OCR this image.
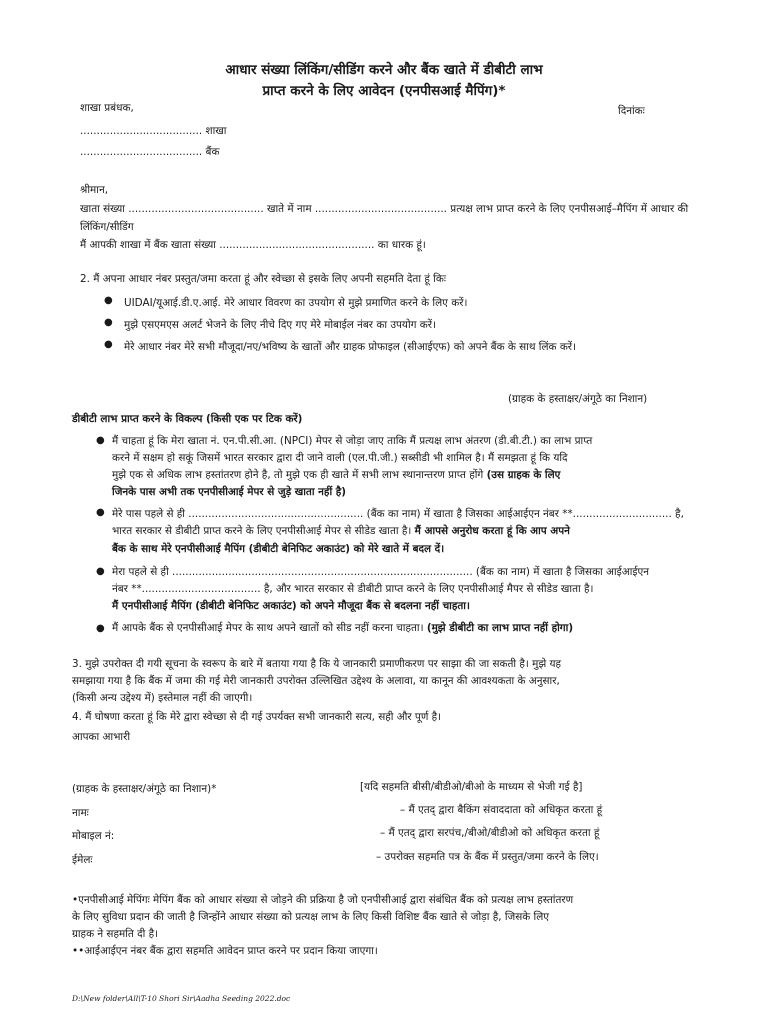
आधार संख्या लिंकिंग/सीडिंग करने और बैंक खाते में डीबीटी लाभ
प्राप्त करने के लिए आवेदन (एनपीसआई मैपिंग)*
शाखा प्रबंधक,	दिनांकः
..................................... शाखा
..................................... बैंक
श्रीमान,
खाता संख्या ......................................... खाते में नाम ........................................ प्रत्यक्ष लाभ प्राप्त करने के लिए एनपीसआई–मैपिंग में आधार की
लिंकिंग/सीडिंग
मैं आपकी शाखा में बैंक खाता संख्या ............................................... का धारक हूं।
2. मैं अपना आधार नंबर प्रस्तुत/जमा करता हूं और स्वेच्छा से इसके लिए अपनी सहमति देता हूं किः
● UIDAI/यूआई.डी.ए.आई. मेरे आधार विवरण का उपयोग से मुझे प्रमाणित करने के लिए करें।
● मुझे एसएमएस अलर्ट भेजने के लिए नीचे दिए गए मेरे मोबाईल नंबर का उपयोग करें।
● मेरे आधार नंबर मेरे सभी मौजूदा/नए/भविष्य के खातों और ग्राहक प्रोफाइल (सीआईएफ) को अपने बैंक के साथ लिंक करें।
(ग्राहक के हस्ताक्षर/अंगूठे का निशान)
डीबीटी लाभ प्राप्त करने के विकल्प (किसी एक पर टिक करें)
● मैं चाहता हूं कि मेरा खाता नं. एन.पी.सी.आ. (NPCI) मेपर से जोड़ा जाए ताकि मैं प्रत्यक्ष लाभ अंतरण (डी.बी.टी.) का लाभ प्राप्त
करने में सक्षम हो सकूं जिसमें भारत सरकार द्वारा दी जाने वाली (एल.पी.जी.) सब्सीडी भी शामिल है। मैं समझता हूं कि यदि
मुझे एक से अधिक लाभ हस्तांतरण होने है, तो मुझे एक ही खाते में सभी लाभ स्थानान्तरण प्राप्त होंगे (उस ग्राहक के लिए
जिनके पास अभी तक एनपीसीआई मेपर से जुड़े खाता नहीं है)
● मेरे पास पहले से ही ..................................................... (बैंक का नाम) में खाता है जिसका आईआईएन नंबर **.............................. है,
भारत सरकार से डीबीटी प्राप्त करने के लिए एनपीसीआई मेपर से सीडेड खाता है। मैं आपसे अनुरोध करता हूं कि आप अपने
बैंक के साथ मेरे एनपीसीआई मैपिंग (डीबीटी बेनिफिट अकाउंट) को मेरे खाते में बदल दें।
● मेरा पहले से ही ........................................................................................... (बैंक का नाम) में खाता है जिसका आईआईएन
नंबर **.................................... है, और भारत सरकार से डीबीटी प्राप्त करने के लिए एनपीसीआई मैपर से सीडेड खाता है।
मैं एनपीसीआई मैपिंग (डीबीटी बेनिफिट अकाउंट) को अपने मौजूदा बैंक से बदलना नहीं चाहता।
● मैं आपके बैंक से एनपीसीआई मेपर के साथ अपने खातों को सीड नहीं करना चाहता। (मुझे डीबीटी का लाभ प्राप्त नहीं होगा)
3. मुझे उपरोक्त दी गयी सूचना के स्वरूप के बारे में बताया गया है कि ये जानकारी प्रमाणीकरण पर साझा की जा सकती है। मुझे यह
समझाया गया है कि बैंक में जमा की गई मेरी जानकारी उपरोक्त उल्लिखित उद्देश्य के अलावा, या कानून की आवश्यकता के अनुसार,
(किसी अन्य उद्देश्य में) इस्तेमाल नहीं की जाएगी।
4. मैं घोषणा करता हूं कि मेरे द्वारा स्वेच्छा से दी गई उपर्यक्त सभी जानकारी सत्य, सही और पूर्ण है।
आपका आभारी
(ग्राहक के हस्ताक्षर/अंगूठे का निशान)*	[यदि सहमति बीसी/बीडीओ/बीओ के माध्यम से भेजी गई है]
नामः	– मैं एतद् द्वारा बैकिंग संवाददाता को अधिकृत करता हूं
मोबाइल नं:	– मैं एतद् द्वारा सरपंच,/बीओ/बीडीओ को अधिकृत करता हूं
ईमेलः	– उपरोक्त सहमति पत्र के बैंक में प्रस्तुत/जमा करने के लिए।
•एनपीसीआई मेपिंगः मेपिंग बैंक को आधार संख्या से जोड़ने की प्रक्रिया है जो एनपीसीआई द्वारा संबंधित बैंक को प्रत्यक्ष लाभ हस्तांतरण
के लिए सुविधा प्रदान की जाती है जिन्होंने आधार संख्या को प्रत्यक्ष लाभ के लिए किसी विशिष्ट बैंक खाते से जोड़ा है, जिसके लिए
ग्राहक ने सहमति दी है।
••आईआईएन नंबर बैंक द्वारा सहमति आवेदन प्राप्त करने पर प्रदान किया जाएगा।
D:\New folder\All\T-10 Shori Sir\Aadha Seeding 2022.doc
